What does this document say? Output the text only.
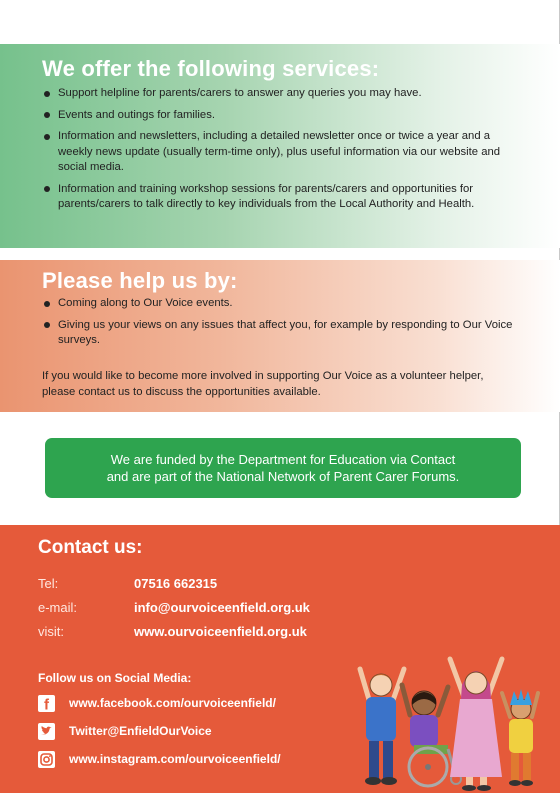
We offer the following services:
Support helpline for parents/carers to answer any queries you may have.
Events and outings for families.
Information and newsletters, including a detailed newsletter once or twice a year and a weekly news update (usually term-time only), plus useful information via our website and social media.
Information and training workshop sessions for parents/carers and opportunities for parents/carers to talk directly to key individuals from the Local Authority and Health.
Please help us by:
Coming along to Our Voice events.
Giving us your views on any issues that affect you, for example by responding to Our Voice surveys.

If you would like to become more involved in supporting Our Voice as a volunteer helper, please contact us to discuss the opportunities available.

We are funded by the Department for Education via Contact
and are part of the National Network of Parent Carer Forums.
Contact us:
Tel:	07516 662315
e-mail:	info@ourvoiceenfield.org.uk
visit:	www.ourvoiceenfield.org.uk

Follow us on Social Media:

f www.facebook.com/ourvoiceenfield/
Twitter@EnfieldOurVoice
www.instagram.com/ourvoiceenfield/
